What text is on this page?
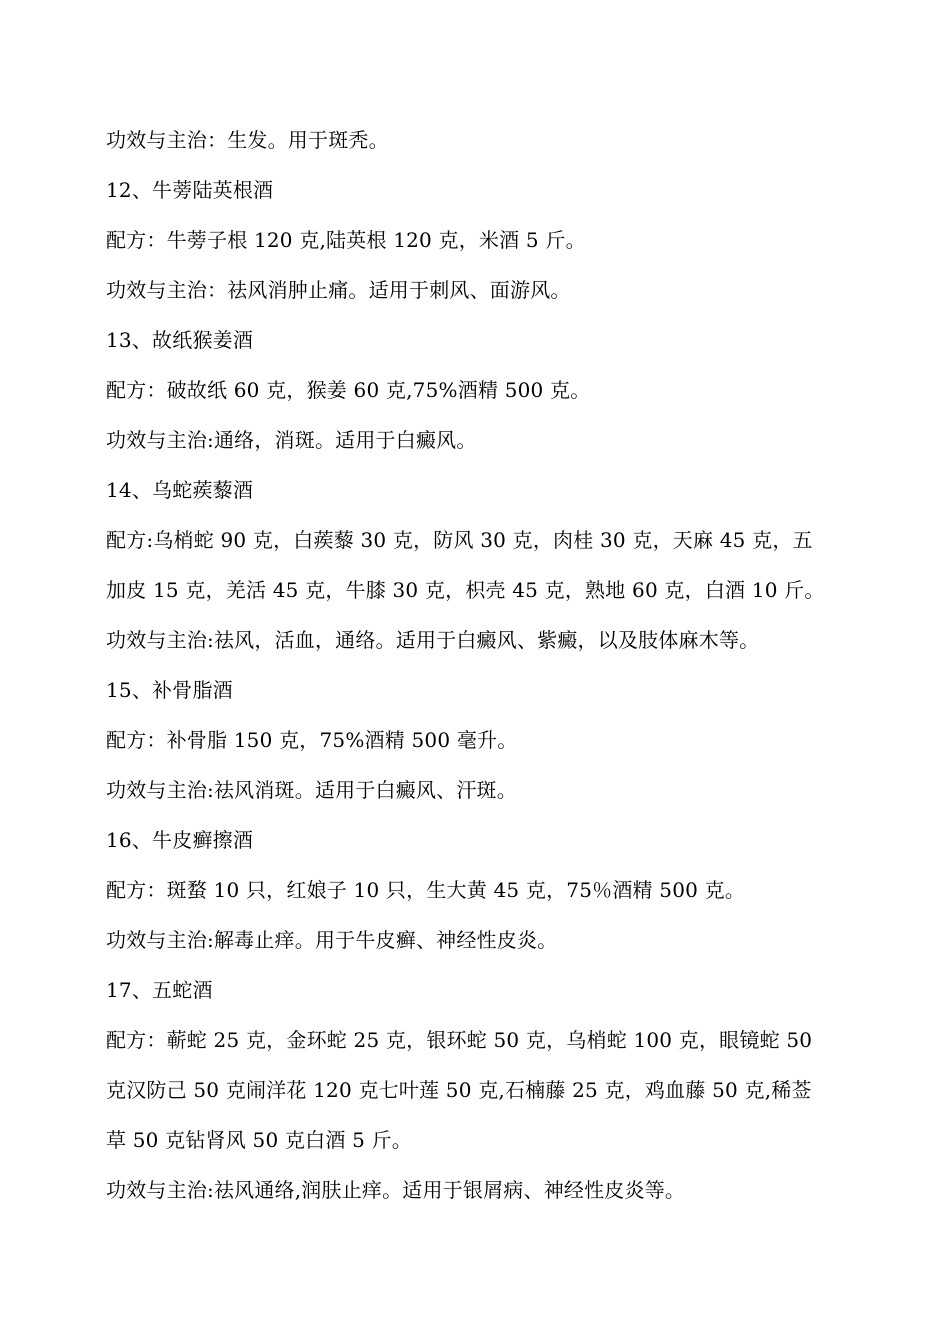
功效与主治：生发。用于斑秃。
12、牛蒡陆英根酒
配方：牛蒡子根 120 克,陆英根 120 克，米酒 5 斤。
功效与主治：祛风消肿止痛。适用于刺风、面游风。
13、故纸猴姜酒
配方：破故纸 60 克，猴姜 60 克,75%酒精 500 克。
功效与主治:通络，消斑。适用于白癜风。
14、乌蛇蒺藜酒
配方:乌梢蛇 90 克，白蒺藜 30 克，防风 30 克，肉桂 30 克，天麻 45 克，五
加皮 15 克，羌活 45 克，牛膝 30 克，枳壳 45 克，熟地 60 克，白酒 10 斤。
功效与主治:祛风，活血，通络。适用于白癜风、紫癜，以及肢体麻木等。
15、补骨脂酒
配方：补骨脂 150 克，75%酒精 500 毫升。
功效与主治:祛风消斑。适用于白癜风、汗斑。
16、牛皮癣擦酒
配方：斑蝥 10 只，红娘子 10 只，生大黄 45 克，75％酒精 500 克。
功效与主治:解毒止痒。用于牛皮癣、神经性皮炎。
17、五蛇酒
配方：蕲蛇 25 克，金环蛇 25 克，银环蛇 50 克，乌梢蛇 100 克，眼镜蛇 50
克汉防己 50 克闹洋花 120 克七叶莲 50 克,石楠藤 25 克，鸡血藤 50 克,稀莶
草 50 克钻肾风 50 克白酒 5 斤。
功效与主治:祛风通络,润肤止痒。适用于银屑病、神经性皮炎等。
